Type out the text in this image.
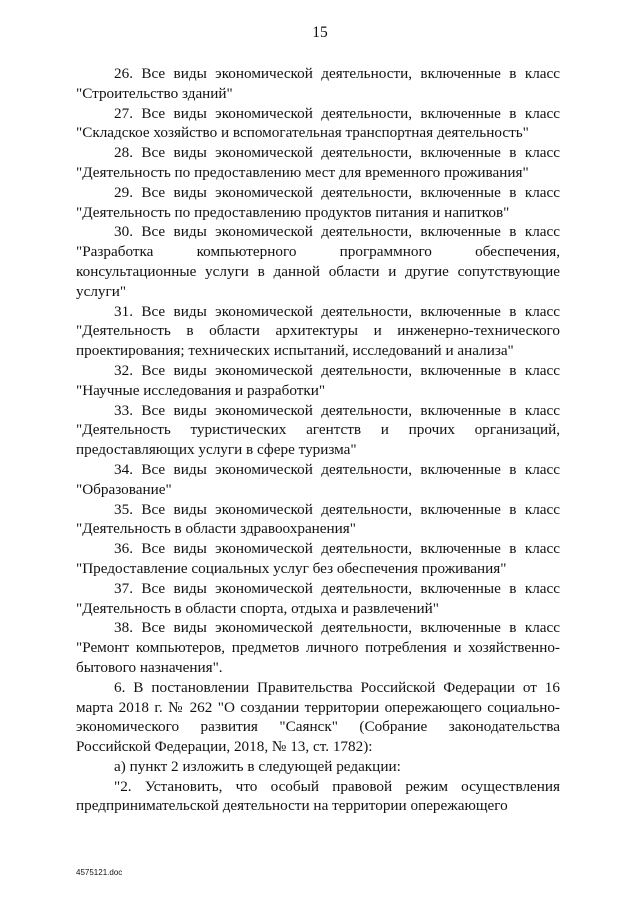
15

26. Все виды экономической деятельности, включенные в класс "Строительство зданий"

27. Все виды экономической деятельности, включенные в класс "Складское хозяйство и вспомогательная транспортная деятельность"

28. Все виды экономической деятельности, включенные в класс "Деятельность по предоставлению мест для временного проживания"

29. Все виды экономической деятельности, включенные в класс "Деятельность по предоставлению продуктов питания и напитков"

30. Все виды экономической деятельности, включенные в класс "Разработка компьютерного программного обеспечения, консультационные услуги в данной области и другие сопутствующие услуги"

31. Все виды экономической деятельности, включенные в класс "Деятельность в области архитектуры и инженерно-технического проектирования; технических испытаний, исследований и анализа"

32. Все виды экономической деятельности, включенные в класс "Научные исследования и разработки"

33. Все виды экономической деятельности, включенные в класс "Деятельность туристических агентств и прочих организаций, предоставляющих услуги в сфере туризма"

34. Все виды экономической деятельности, включенные в класс "Образование"

35. Все виды экономической деятельности, включенные в класс "Деятельность в области здравоохранения"

36. Все виды экономической деятельности, включенные в класс "Предоставление социальных услуг без обеспечения проживания"

37. Все виды экономической деятельности, включенные в класс "Деятельность в области спорта, отдыха и развлечений"

38. Все виды экономической деятельности, включенные в класс "Ремонт компьютеров, предметов личного потребления и хозяйственно-бытового назначения".

6. В постановлении Правительства Российской Федерации от 16 марта 2018 г. № 262 "О создании территории опережающего социально-экономического развития "Саянск" (Собрание законодательства Российской Федерации, 2018, № 13, ст. 1782):

а) пункт 2 изложить в следующей редакции:

"2. Установить, что особый правовой режим осуществления предпринимательской деятельности на территории опережающего

4575121.doc
